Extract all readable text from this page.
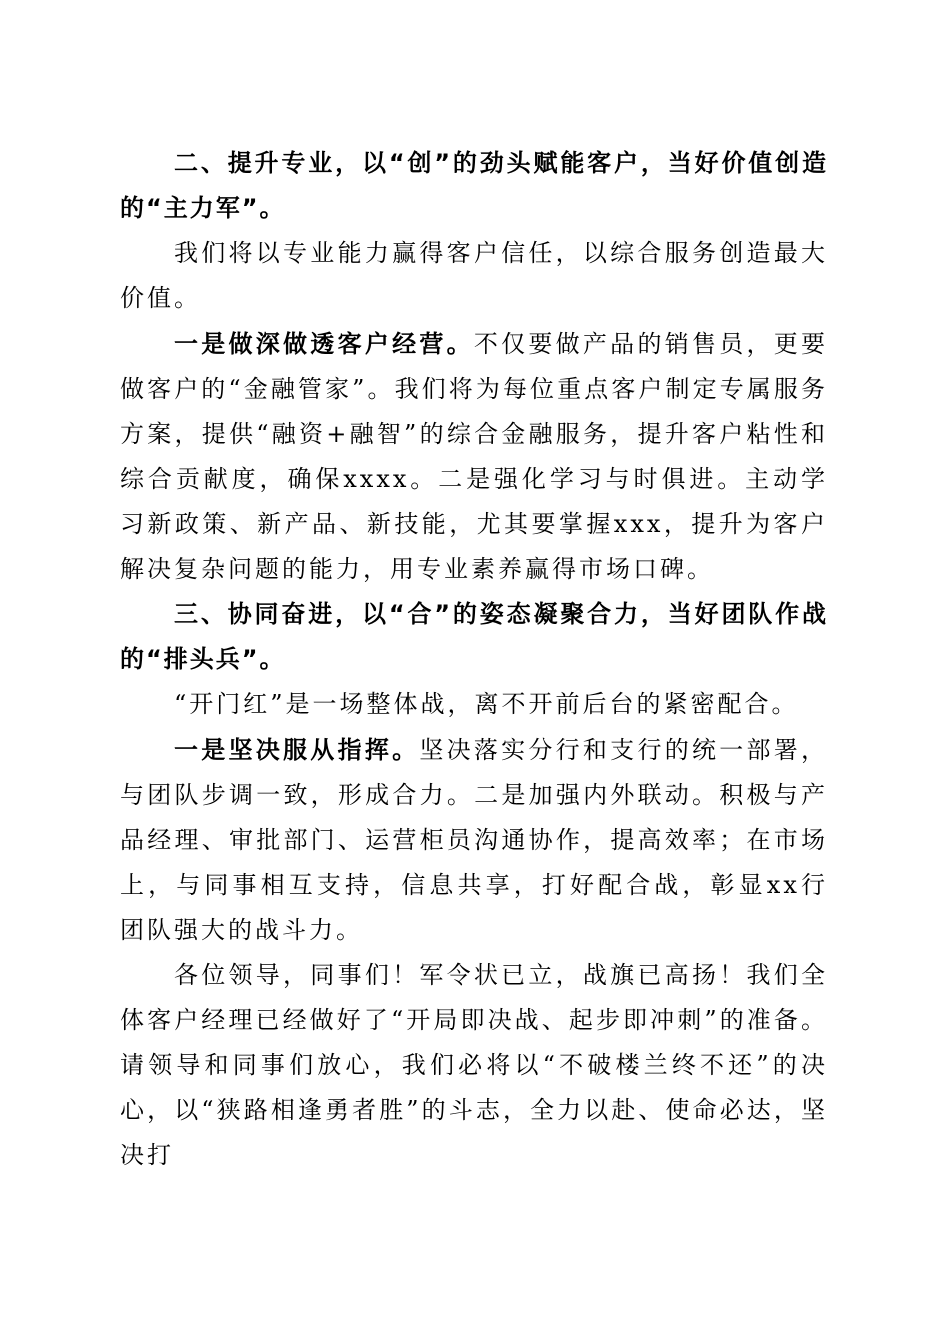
二、提升专业，以“创”的劲头赋能客户，当好价值创造的“主力军”。

我们将以专业能力赢得客户信任，以综合服务创造最大价值。

一是做深做透客户经营。不仅要做产品的销售员，更要做客户的“金融管家”。我们将为每位重点客户制定专属服务方案，提供“融资+融智”的综合金融服务，提升客户粘性和综合贡献度，确保xxxx。二是强化学习与时俱进。主动学习新政策、新产品、新技能，尤其要掌握xxx，提升为客户解决复杂问题的能力，用专业素养赢得市场口碑。

三、协同奋进，以“合”的姿态凝聚合力，当好团队作战的“排头兵”。

“开门红”是一场整体战，离不开前后台的紧密配合。

一是坚决服从指挥。坚决落实分行和支行的统一部署，与团队步调一致，形成合力。二是加强内外联动。积极与产品经理、审批部门、运营柜员沟通协作，提高效率；在市场上，与同事相互支持，信息共享，打好配合战，彰显xx行团队强大的战斗力。

各位领导，同事们！军令状已立，战旗已高扬！我们全体客户经理已经做好了“开局即决战、起步即冲刺”的准备。请领导和同事们放心，我们必将以“不破楼兰终不还”的决心，以“狭路相逢勇者胜”的斗志，全力以赴、使命必达，坚决打
